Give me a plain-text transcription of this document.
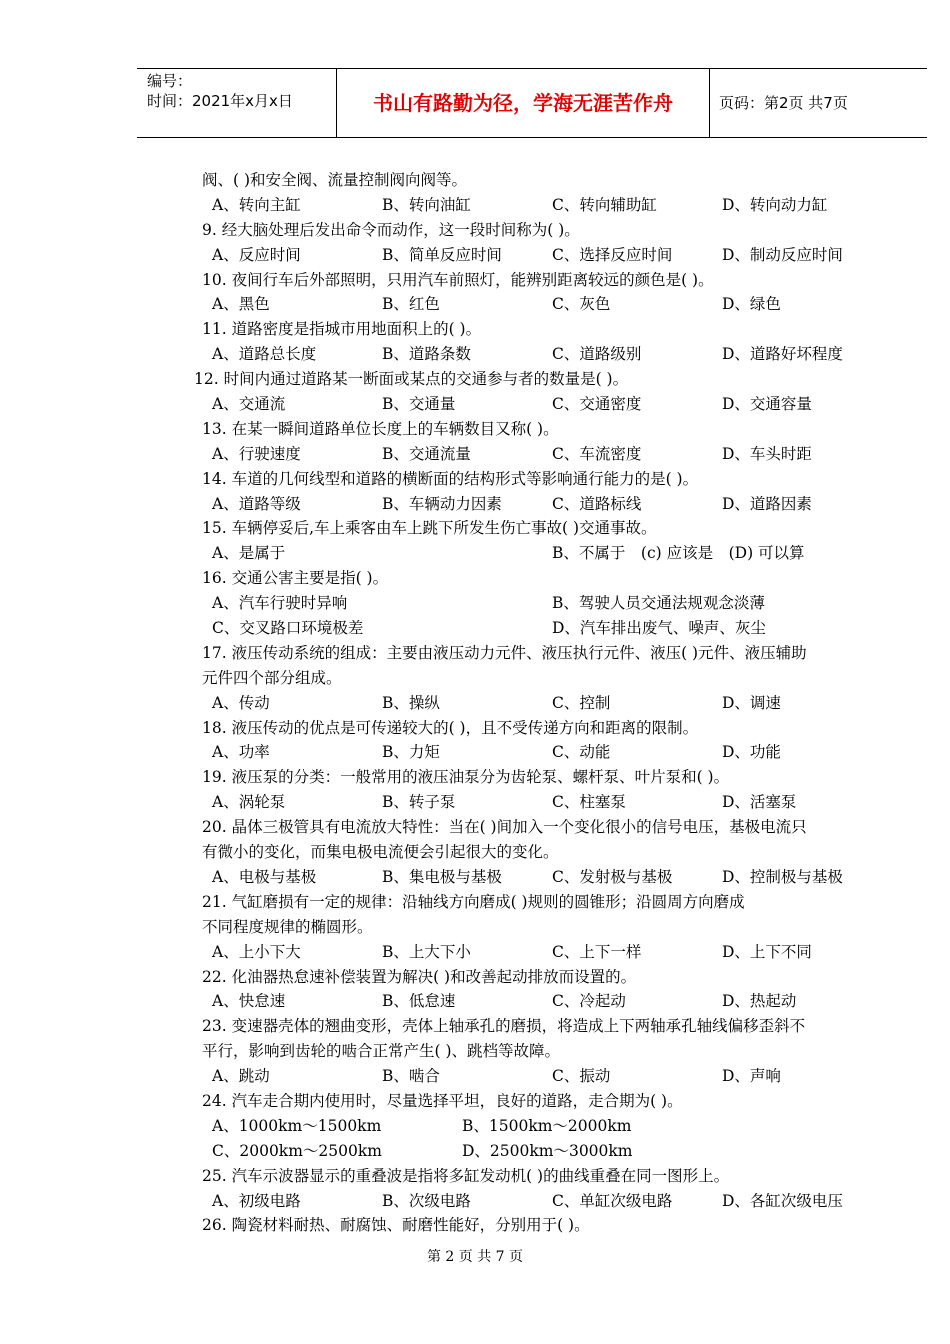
编号：
时间：2021年x月x日	书山有路勤为径，学海无涯苦作舟	页码：第2页 共7页
阀、( )和安全阀、流量控制阀向阀等。
A、转向主缸	B、转向油缸	C、转向辅助缸	D、转向动力缸
9. 经大脑处理后发出命令而动作，这一段时间称为( )。
A、反应时间	B、简单反应时间	C、选择反应时间	D、制动反应时间
10. 夜间行车后外部照明，只用汽车前照灯，能辨别距离较远的颜色是( )。
A、黑色	B、红色	C、灰色	D、绿色
11. 道路密度是指城市用地面积上的( )。
A、道路总长度	B、道路条数	C、道路级别	D、道路好坏程度
12. 时间内通过道路某一断面或某点的交通参与者的数量是( )。
A、交通流	B、交通量	C、交通密度	D、交通容量
13. 在某一瞬间道路单位长度上的车辆数目又称( )。
A、行驶速度	B、交通流量	C、车流密度	D、车头时距
14. 车道的几何线型和道路的横断面的结构形式等影响通行能力的是( )。
A、道路等级	B、车辆动力因素	C、道路标线	D、道路因素
15. 车辆停妥后,车上乘客由车上跳下所发生伤亡事故( )交通事故。
A、是属于	B、不属于　(c) 应该是　(D) 可以算
16. 交通公害主要是指( )。
A、汽车行驶时异响	B、驾驶人员交通法规观念淡薄
C、交叉路口环境极差	D、汽车排出废气、噪声、灰尘
17. 液压传动系统的组成：主要由液压动力元件、液压执行元件、液压( )元件、液压辅助
元件四个部分组成。
A、传动	B、操纵	C、控制	D、调速
18. 液压传动的优点是可传递较大的( )，且不受传递方向和距离的限制。
A、功率	B、力矩	C、动能	D、功能
19. 液压泵的分类：一般常用的液压油泵分为齿轮泵、螺杆泵、叶片泵和( )。
A、涡轮泵	B、转子泵	C、柱塞泵	D、活塞泵
20. 晶体三极管具有电流放大特性：当在( )间加入一个变化很小的信号电压，基极电流只
有微小的变化，而集电极电流便会引起很大的变化。
A、电极与基极	B、集电极与基极	C、发射极与基极	D、控制极与基极
21. 气缸磨损有一定的规律：沿轴线方向磨成( )规则的圆锥形；沿圆周方向磨成
不同程度规律的椭圆形。
A、上小下大	B、上大下小	C、上下一样	D、上下不同
22. 化油器热怠速补偿装置为解决( )和改善起动排放而设置的。
A、快怠速	B、低怠速	C、冷起动	D、热起动
23. 变速器壳体的翘曲变形，壳体上轴承孔的磨损，将造成上下两轴承孔轴线偏移歪斜不
平行，影响到齿轮的啮合正常产生( )、跳档等故障。
A、跳动	B、啮合	C、振动	D、声响
24. 汽车走合期内使用时，尽量选择平坦，良好的道路，走合期为( )。
A、1000km～1500km	B、1500km～2000km
C、2000km～2500km	D、2500km～3000km
25. 汽车示波器显示的重叠波是指将多缸发动机( )的曲线重叠在同一图形上。
A、初级电路	B、次级电路	C、单缸次级电路	D、各缸次级电压
26. 陶瓷材料耐热、耐腐蚀、耐磨性能好，分别用于( )。
第 2 页 共 7 页
